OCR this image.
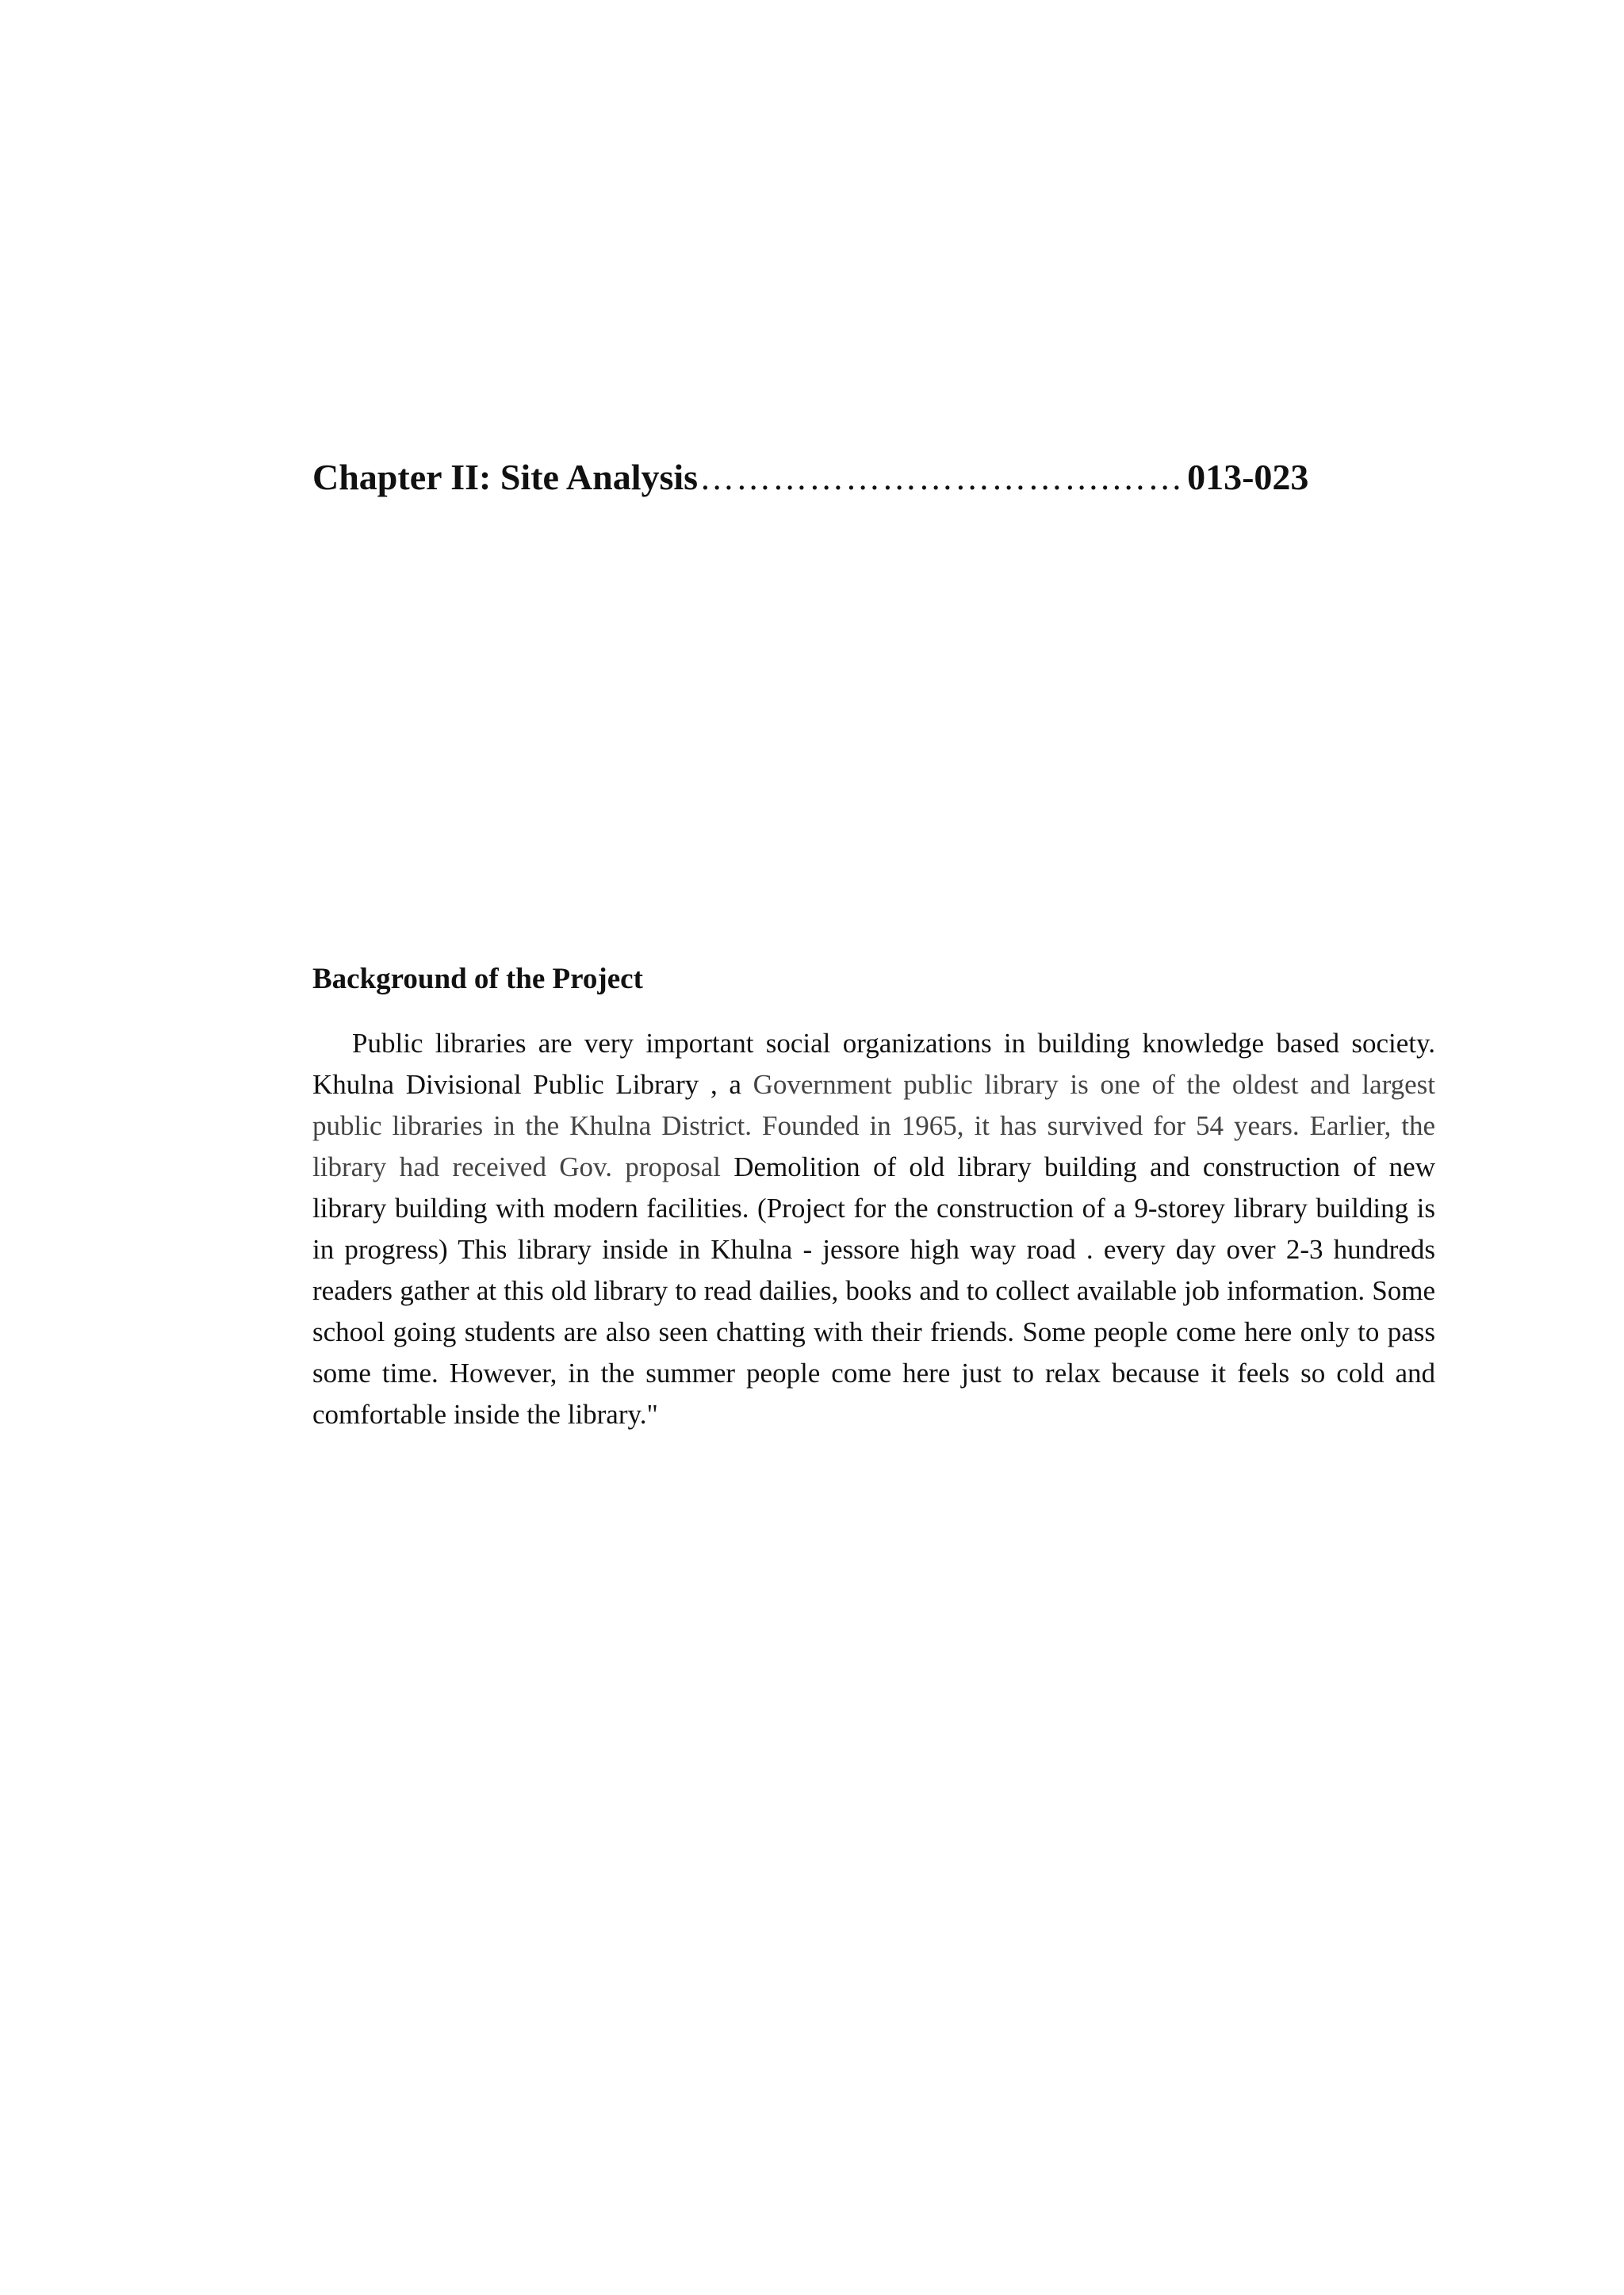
Chapter II: Site Analysis …………………………….…… 013-023
Background of the Project

Public libraries are very important social organizations in building knowledge based society. Khulna Divisional Public Library , a Government public library is one of the oldest and largest public libraries in the Khulna District. Founded in 1965, it has survived for 54 years. Earlier, the library had received Gov. proposal Demolition of old library building and construction of new library building with modern facilities. (Project for the construction of a 9-storey library building is in progress) This library inside in Khulna - jessore high way road . every day over 2-3 hundreds readers gather at this old library to read dailies, books and to collect available job information. Some school going students are also seen chatting with their friends. Some people come here only to pass some time. However, in the summer people come here just to relax because it feels so cold and comfortable inside the library."
